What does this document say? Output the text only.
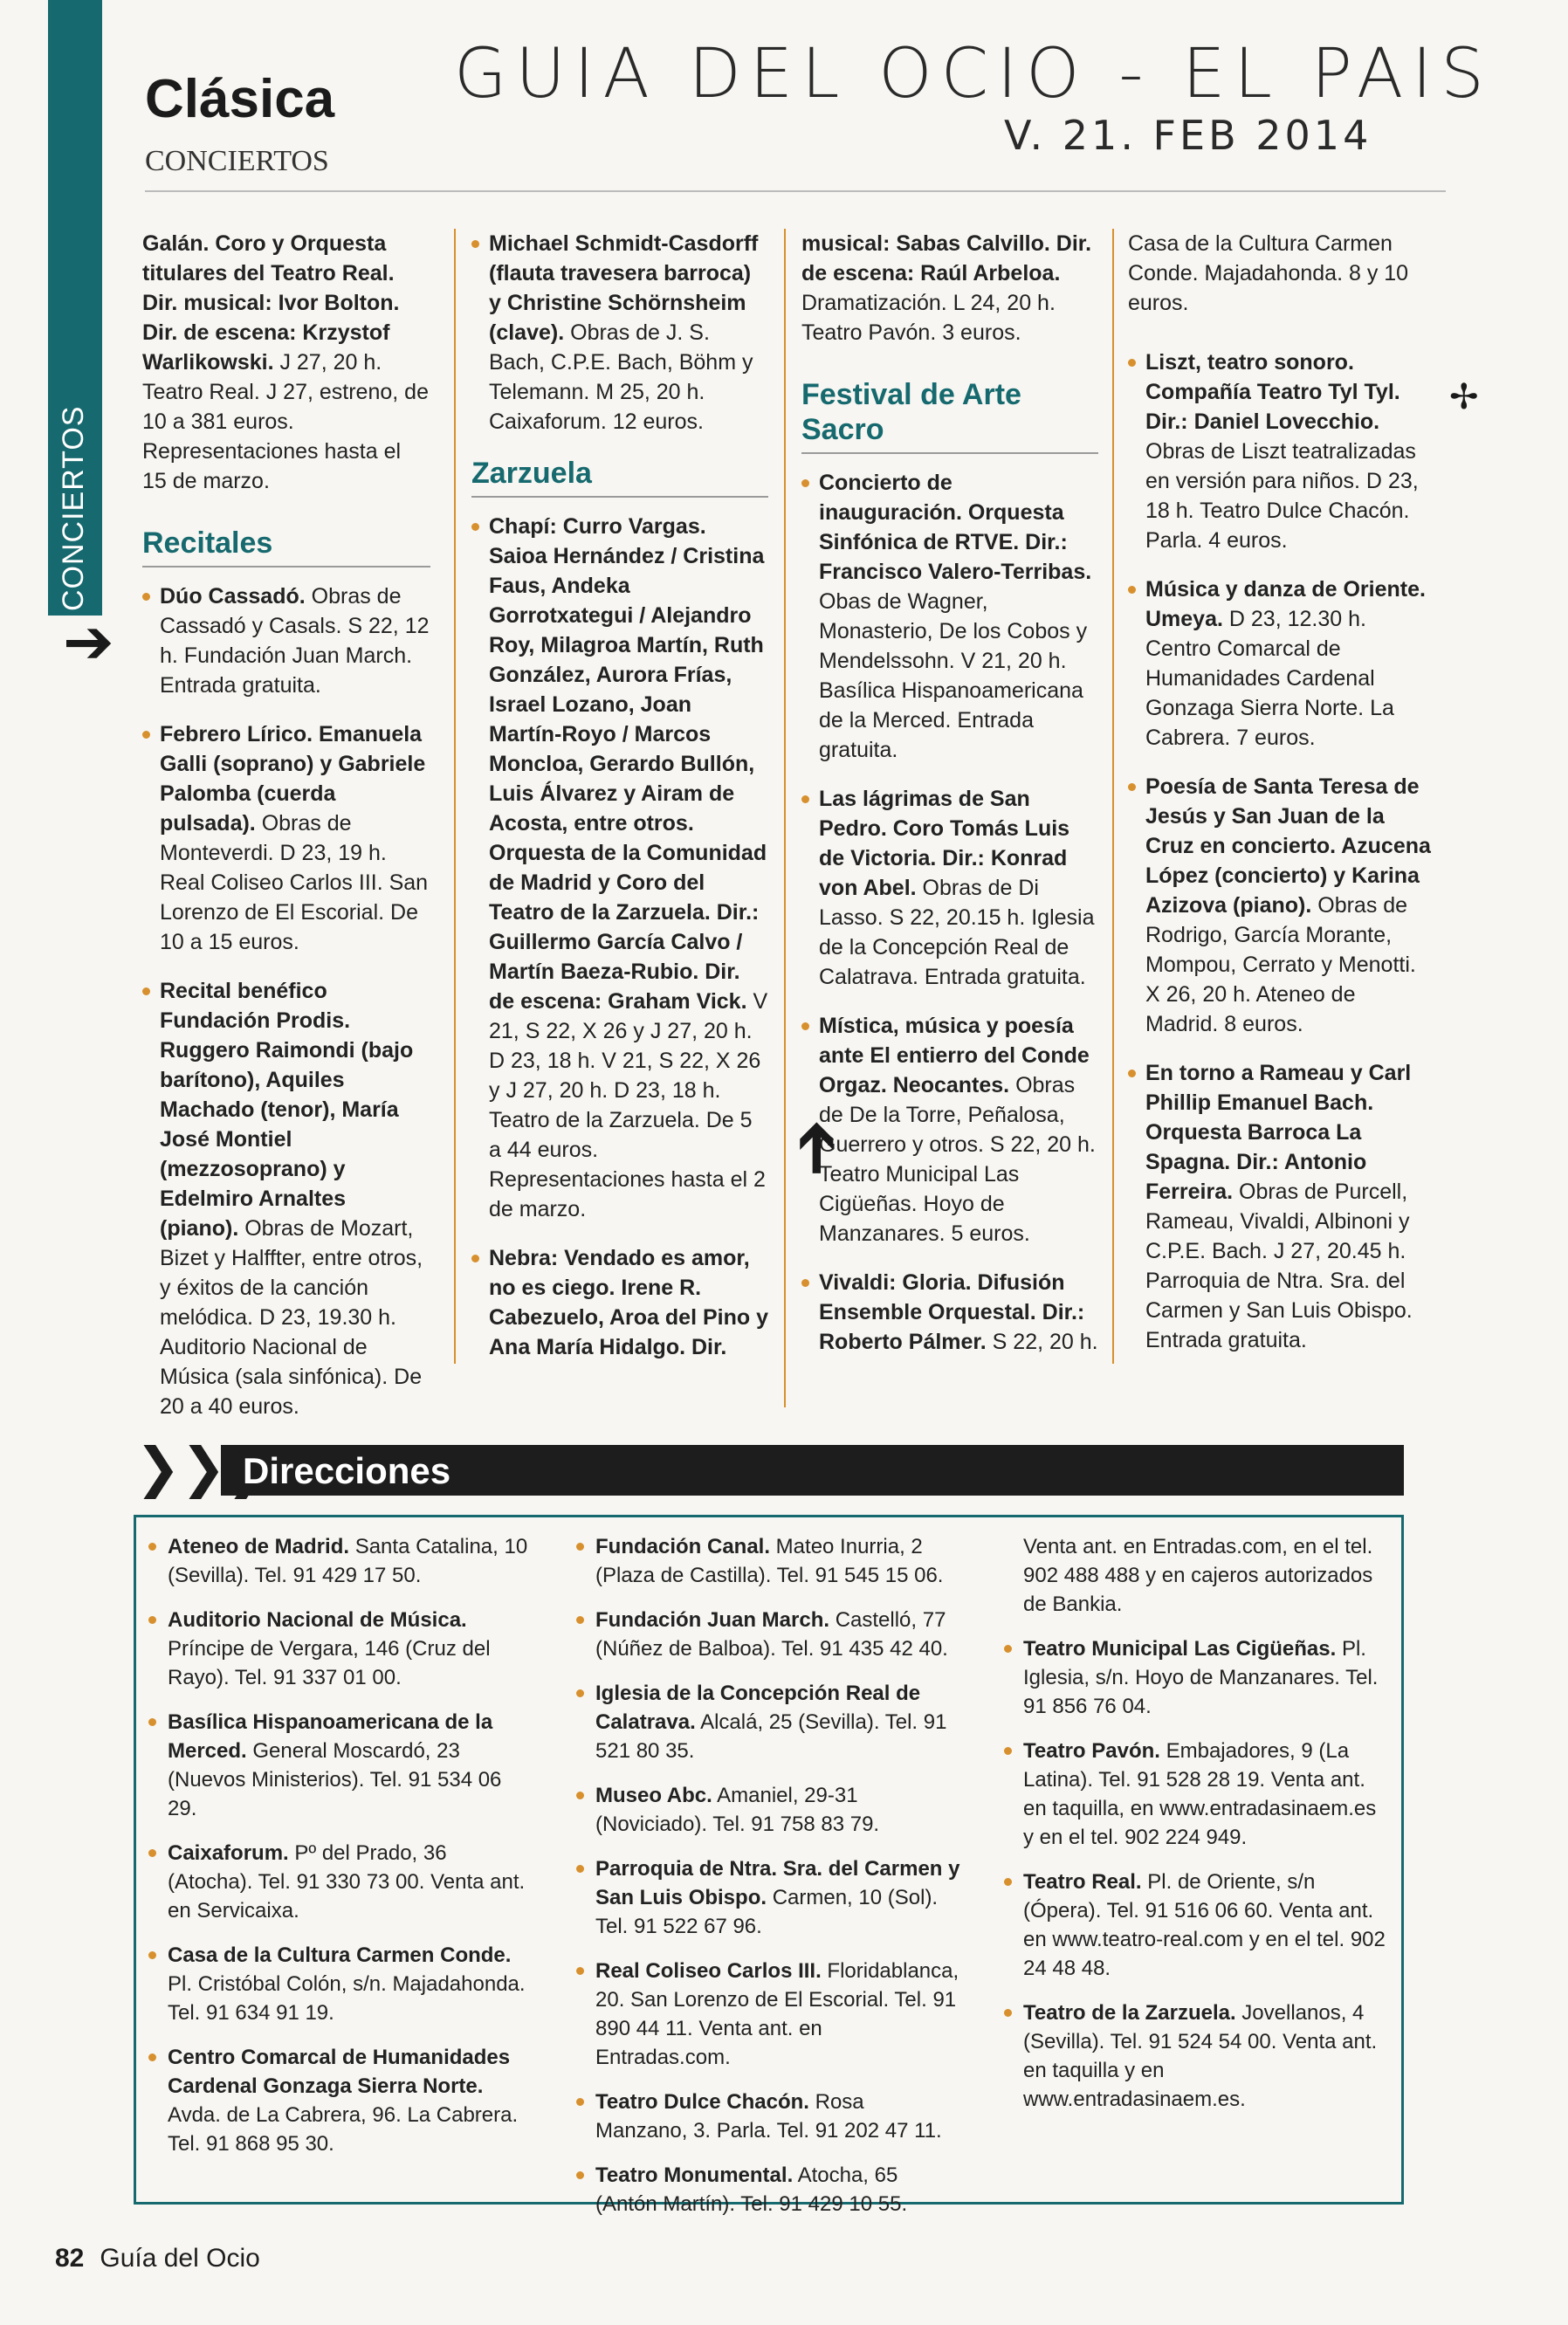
Clásica
CONCIERTOS
GUIA DEL OCIO - EL PAIS
V. 21. FEB 2014
Galán. Coro y Orquesta titulares del Teatro Real. Dir. musical: Ivor Bolton. Dir. de escena: Krzystof Warlikowski. J 27, 20 h. Teatro Real. J 27, estreno, de 10 a 381 euros. Representaciones hasta el 15 de marzo.
Recitales
Dúo Cassadó. Obras de Cassadó y Casals. S 22, 12 h. Fundación Juan March. Entrada gratuita.
Febrero Lírico. Emanuela Galli (soprano) y Gabriele Palomba (cuerda pulsada). Obras de Monteverdi. D 23, 19 h. Real Coliseo Carlos III. San Lorenzo de El Escorial. De 10 a 15 euros.
Recital benéfico Fundación Prodis. Ruggero Raimondi (bajo barítono), Aquiles Machado (tenor), María José Montiel (mezzosoprano) y Edelmiro Arnaltes (piano). Obras de Mozart, Bizet y Halffter, entre otros, y éxitos de la canción melódica. D 23, 19.30 h. Auditorio Nacional de Música (sala sinfónica). De 20 a 40 euros.
Michael Schmidt-Casdorff (flauta travesera barroca) y Christine Schörnsheim (clave). Obras de J. S. Bach, C.P.E. Bach, Böhm y Telemann. M 25, 20 h. Caixaforum. 12 euros.
Zarzuela
Chapí: Curro Vargas. Saioa Hernández / Cristina Faus, Andeka Gorrotxategui / Alejandro Roy, Milagroa Martín, Ruth González, Aurora Frías, Israel Lozano, Joan Martín-Royo / Marcos Moncloa, Gerardo Bullón, Luis Álvarez y Airam de Acosta, entre otros. Orquesta de la Comunidad de Madrid y Coro del Teatro de la Zarzuela. Dir.: Guillermo García Calvo / Martín Baeza-Rubio. Dir. de escena: Graham Vick. V 21, S 22, X 26 y J 27, 20 h. D 23, 18 h. V 21, S 22, X 26 y J 27, 20 h. D 23, 18 h. Teatro de la Zarzuela. De 5 a 44 euros. Representaciones hasta el 2 de marzo.
Nebra: Vendado es amor, no es ciego. Irene R. Cabezuelo, Aroa del Pino y Ana María Hidalgo. Dir.
musical: Sabas Calvillo. Dir. de escena: Raúl Arbeloa. Dramatización. L 24, 20 h. Teatro Pavón. 3 euros.
Festival de Arte Sacro
Concierto de inauguración. Orquesta Sinfónica de RTVE. Dir.: Francisco Valero-Terribas. Obas de Wagner, Monasterio, De los Cobos y Mendelssohn. V 21, 20 h. Basílica Hispanoamericana de la Merced. Entrada gratuita.
Las lágrimas de San Pedro. Coro Tomás Luis de Victoria. Dir.: Konrad von Abel. Obras de Di Lasso. S 22, 20.15 h. Iglesia de la Concepción Real de Calatrava. Entrada gratuita.
Mística, música y poesía ante El entierro del Conde Orgaz. Neocantes. Obras de De la Torre, Peñalosa, Guerrero y otros. S 22, 20 h. Teatro Municipal Las Cigüeñas. Hoyo de Manzanares. 5 euros.
Vivaldi: Gloria. Difusión Ensemble Orquestal. Dir.: Roberto Pálmer. S 22, 20 h.
Casa de la Cultura Carmen Conde. Majadahonda. 8 y 10 euros.
Liszt, teatro sonoro. Compañía Teatro Tyl Tyl. Dir.: Daniel Lovecchio. Obras de Liszt teatralizadas en versión para niños. D 23, 18 h. Teatro Dulce Chacón. Parla. 4 euros.
Música y danza de Oriente. Umeya. D 23, 12.30 h. Centro Comarcal de Humanidades Cardenal Gonzaga Sierra Norte. La Cabrera. 7 euros.
Poesía de Santa Teresa de Jesús y San Juan de la Cruz en concierto. Azucena López (concierto) y Karina Azizova (piano). Obras de Rodrigo, García Morante, Mompou, Cerrato y Menotti. X 26, 20 h. Ateneo de Madrid. 8 euros.
En torno a Rameau y Carl Phillip Emanuel Bach. Orquesta Barroca La Spagna. Dir.: Antonio Ferreira. Obras de Purcell, Rameau, Vivaldi, Albinoni y C.P.E. Bach. J 27, 20.45 h. Parroquia de Ntra. Sra. del Carmen y San Luis Obispo. Entrada gratuita.
➔
➔
✢
❯❯❯
Direcciones
Ateneo de Madrid. Santa Catalina, 10 (Sevilla). Tel. 91 429 17 50.
Auditorio Nacional de Música. Príncipe de Vergara, 146 (Cruz del Rayo). Tel. 91 337 01 00.
Basílica Hispanoamericana de la Merced. General Moscardó, 23 (Nuevos Ministerios). Tel. 91 534 06 29.
Caixaforum. Pº del Prado, 36 (Atocha). Tel. 91 330 73 00. Venta ant. en Servicaixa.
Casa de la Cultura Carmen Conde. Pl. Cristóbal Colón, s/n. Majadahonda. Tel. 91 634 91 19.
Centro Comarcal de Humanidades Cardenal Gonzaga Sierra Norte. Avda. de La Cabrera, 96. La Cabrera. Tel. 91 868 95 30.
Fundación Canal. Mateo Inurria, 2 (Plaza de Castilla). Tel. 91 545 15 06.
Fundación Juan March. Castelló, 77 (Núñez de Balboa). Tel. 91 435 42 40.
Iglesia de la Concepción Real de Calatrava. Alcalá, 25 (Sevilla). Tel. 91 521 80 35.
Museo Abc. Amaniel, 29-31 (Noviciado). Tel. 91 758 83 79.
Parroquia de Ntra. Sra. del Carmen y San Luis Obispo. Carmen, 10 (Sol). Tel. 91 522 67 96.
Real Coliseo Carlos III. Floridablanca, 20. San Lorenzo de El Escorial. Tel. 91 890 44 11. Venta ant. en Entradas.com.
Teatro Dulce Chacón. Rosa Manzano, 3. Parla. Tel. 91 202 47 11.
Teatro Monumental. Atocha, 65 (Antón Martín). Tel. 91 429 10 55.
Venta ant. en Entradas.com, en el tel. 902 488 488 y en cajeros autorizados de Bankia.
Teatro Municipal Las Cigüeñas. Pl. Iglesia, s/n. Hoyo de Manzanares. Tel. 91 856 76 04.
Teatro Pavón. Embajadores, 9 (La Latina). Tel. 91 528 28 19. Venta ant. en taquilla, en www.entradasinaem.es y en el tel. 902 224 949.
Teatro Real. Pl. de Oriente, s/n (Ópera). Tel. 91 516 06 60. Venta ant. en www.teatro-real.com y en el tel. 902 24 48 48.
Teatro de la Zarzuela. Jovellanos, 4 (Sevilla). Tel. 91 524 54 00. Venta ant. en taquilla y en www.entradasinaem.es.
82 Guía del Ocio
